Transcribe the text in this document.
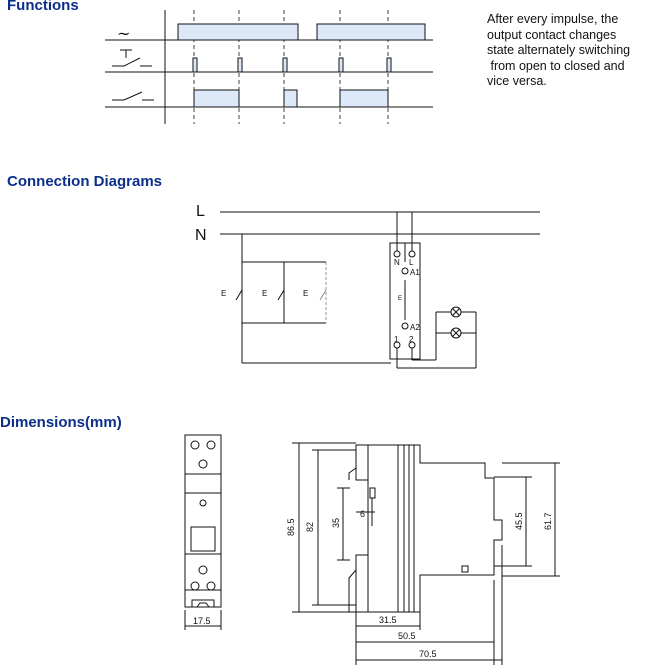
Functions
Connection Diagrams
Dimensions(mm)
After every impulse, the
output contact changes
state alternately switching
from open to closed and
vice versa.
~
L
N
E	E	E
N L
A1
A2
1 2
E
17.5
86.5 82 35
6	45.5 61.7
31.5
50.5
70.5
